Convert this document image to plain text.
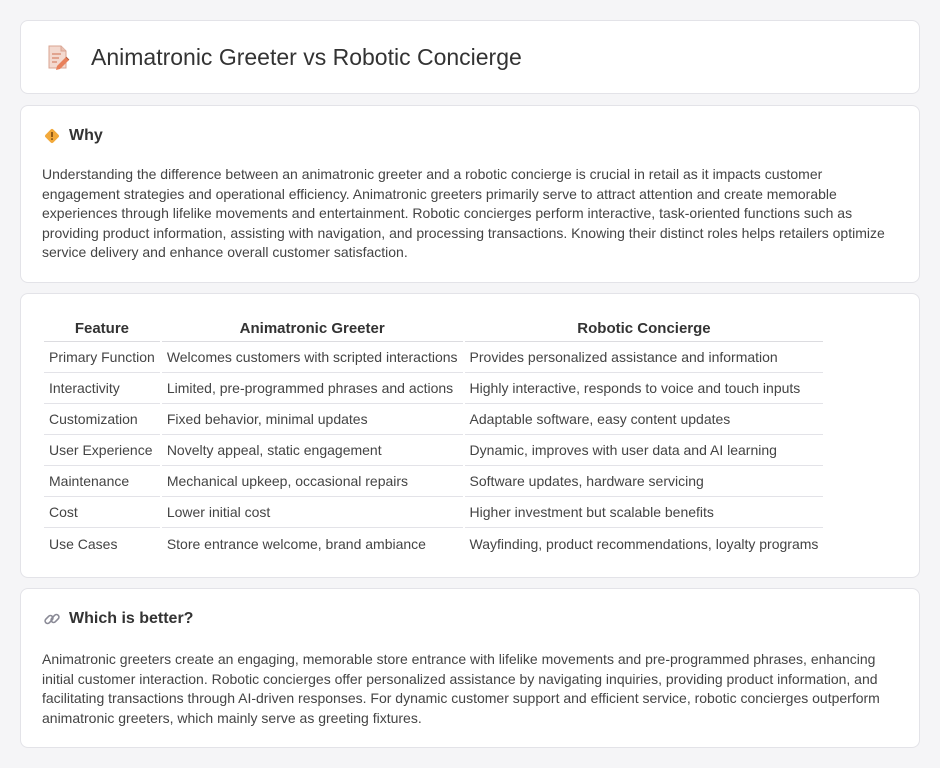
Animatronic Greeter vs Robotic Concierge
Why

Understanding the difference between an animatronic greeter and a robotic concierge is crucial in retail as it impacts customer engagement strategies and operational efficiency. Animatronic greeters primarily serve to attract attention and create memorable experiences through lifelike movements and entertainment. Robotic concierges perform interactive, task-oriented functions such as providing product information, assisting with navigation, and processing transactions. Knowing their distinct roles helps retailers optimize service delivery and enhance overall customer satisfaction.

Feature	Animatronic Greeter	Robotic Concierge
Primary Function	Welcomes customers with scripted interactions	Provides personalized assistance and information
Interactivity	Limited, pre-programmed phrases and actions	Highly interactive, responds to voice and touch inputs
Customization	Fixed behavior, minimal updates	Adaptable software, easy content updates
User Experience	Novelty appeal, static engagement	Dynamic, improves with user data and AI learning
Maintenance	Mechanical upkeep, occasional repairs	Software updates, hardware servicing
Cost	Lower initial cost	Higher investment but scalable benefits
Use Cases	Store entrance welcome, brand ambiance	Wayfinding, product recommendations, loyalty programs
Which is better?

Animatronic greeters create an engaging, memorable store entrance with lifelike movements and pre-programmed phrases, enhancing initial customer interaction. Robotic concierges offer personalized assistance by navigating inquiries, providing product information, and facilitating transactions through AI-driven responses. For dynamic customer support and efficient service, robotic concierges outperform animatronic greeters, which mainly serve as greeting fixtures.
